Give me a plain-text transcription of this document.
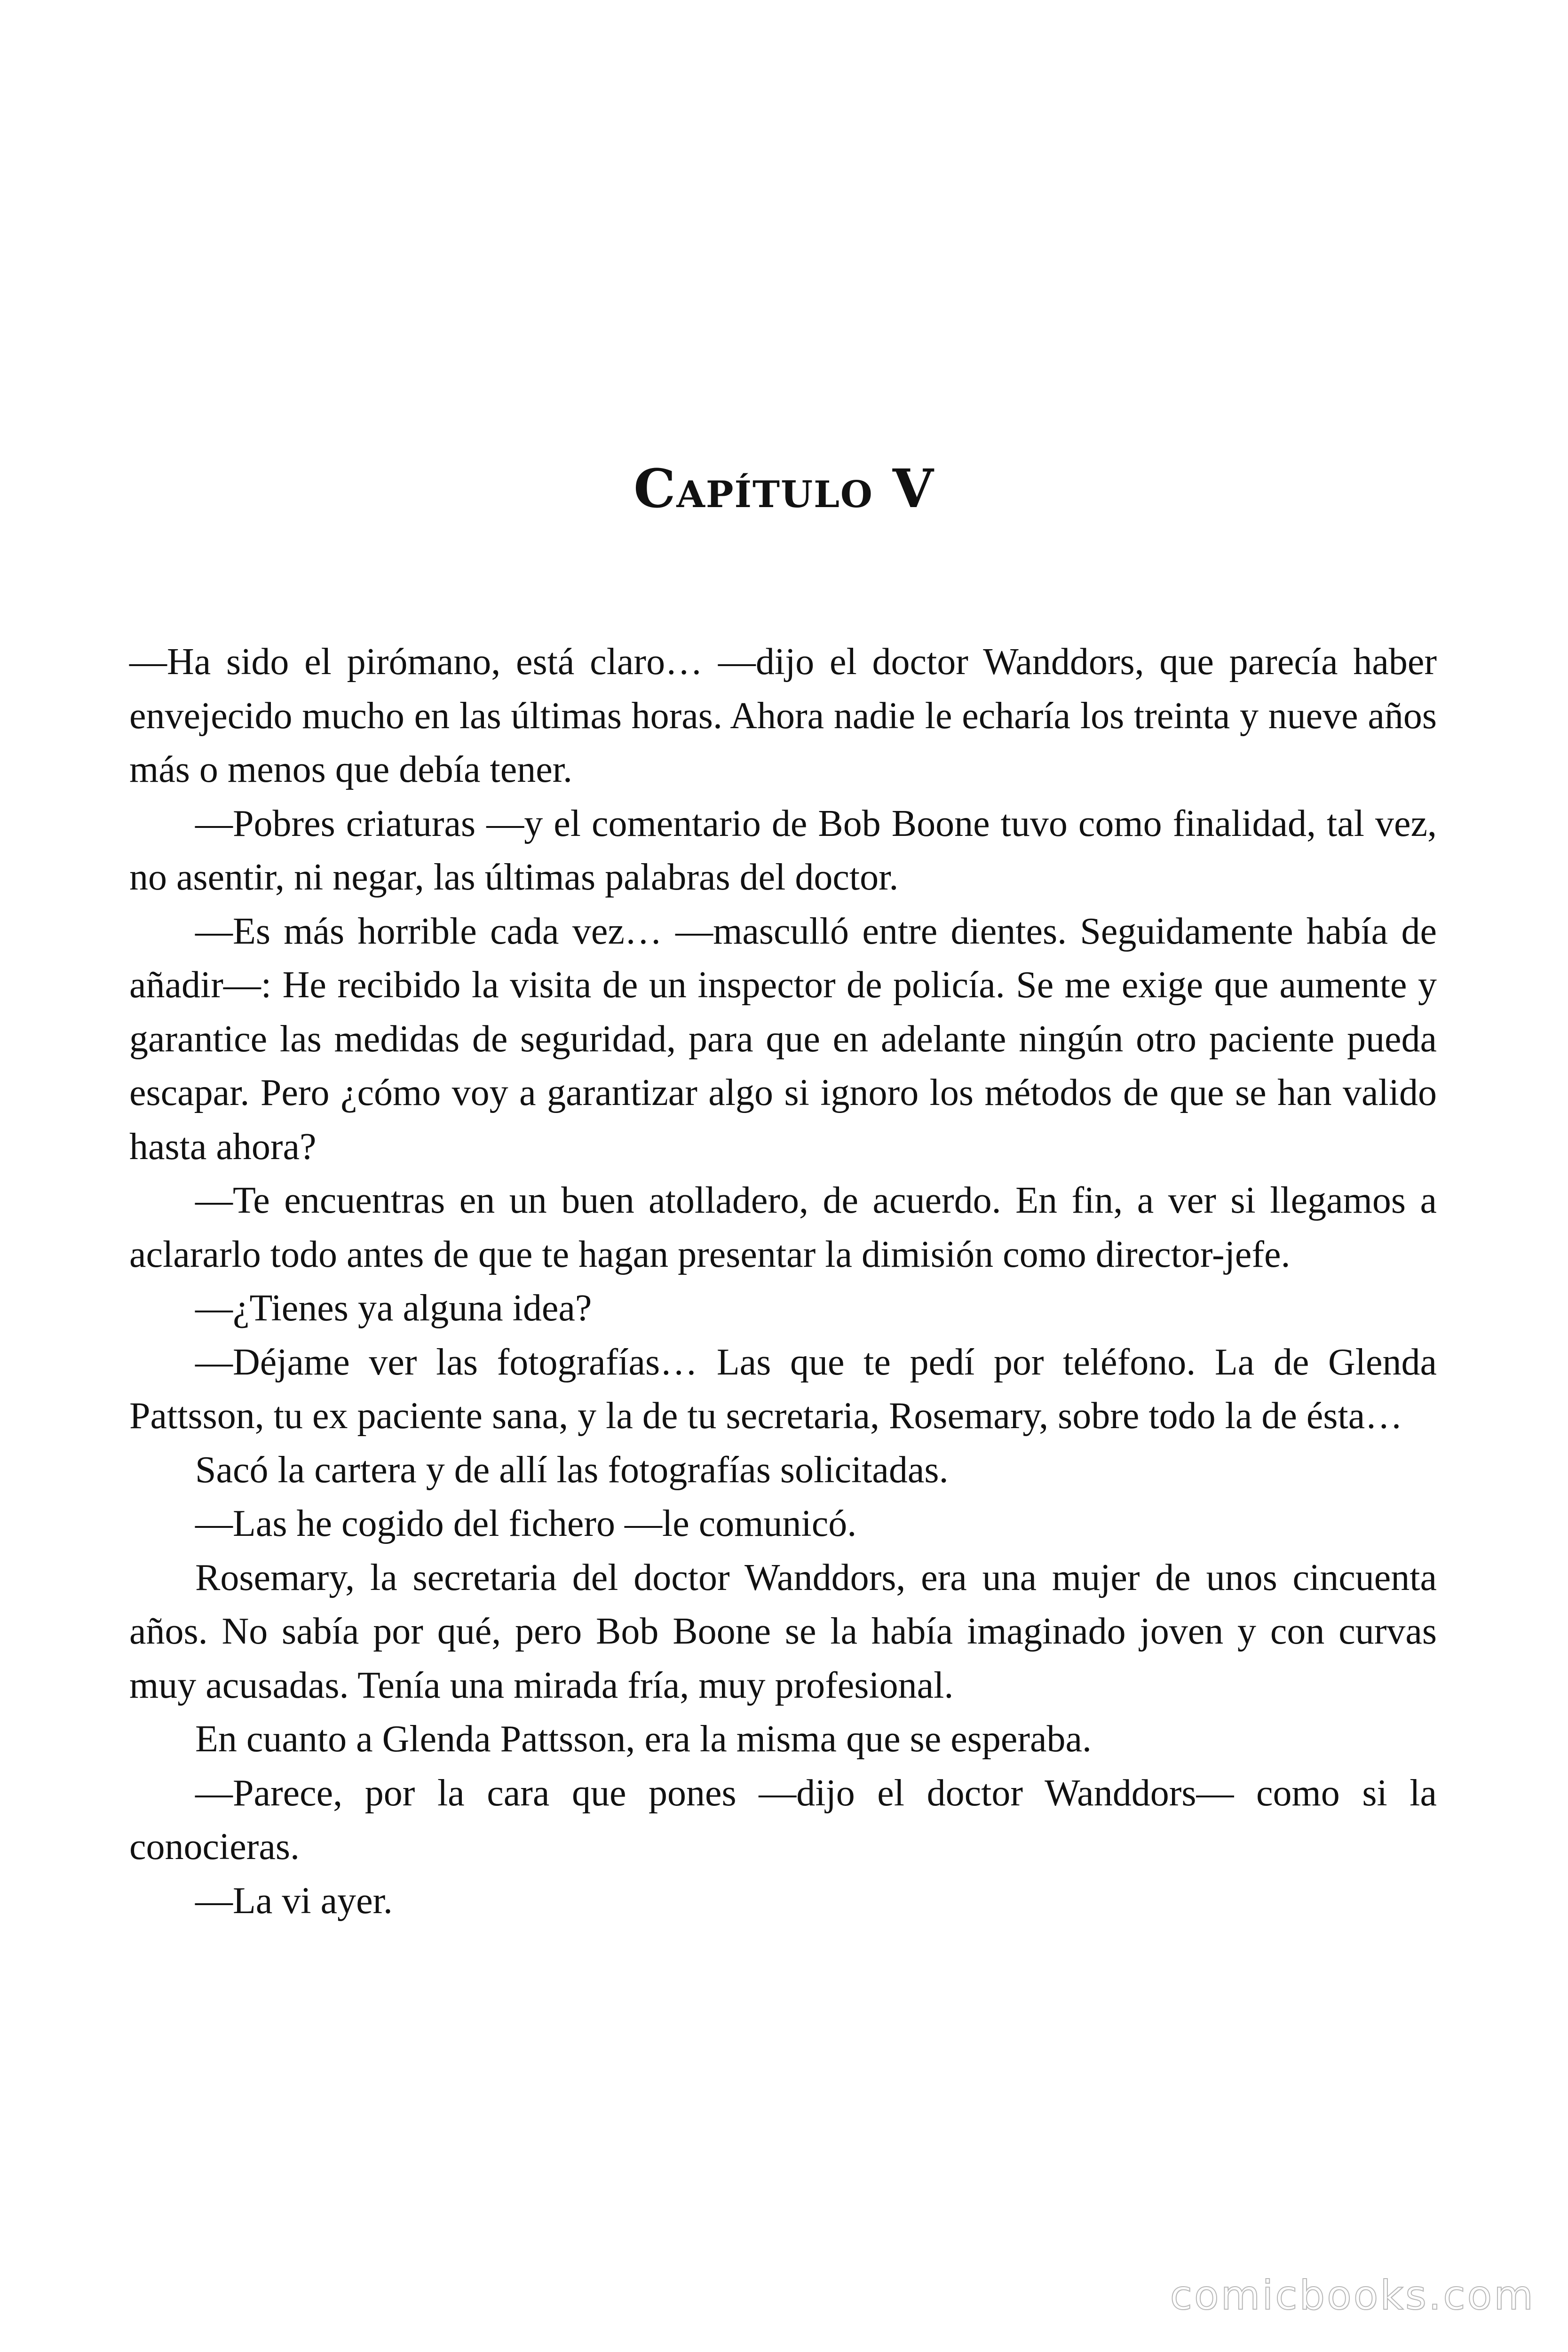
Capítulo V

—Ha sido el pirómano, está claro… —dijo el doctor Wanddors, que parecía haber envejecido mucho en las últimas horas. Ahora nadie le echaría los treinta y nueve años más o menos que debía tener.

—Pobres criaturas —y el comentario de Bob Boone tuvo como finalidad, tal vez, no asentir, ni negar, las últimas palabras del doctor.

—Es más horrible cada vez… —masculló entre dientes. Seguidamente había de añadir—: He recibido la visita de un inspector de policía. Se me exige que aumente y garantice las medidas de seguridad, para que en adelante ningún otro paciente pueda escapar. Pero ¿cómo voy a garantizar algo si ignoro los métodos de que se han valido hasta ahora?

—Te encuentras en un buen atolladero, de acuerdo. En fin, a ver si llegamos a aclararlo todo antes de que te hagan presentar la dimisión como director-jefe.

—¿Tienes ya alguna idea?

—Déjame ver las fotografías… Las que te pedí por teléfono. La de Glenda Pattsson, tu ex paciente sana, y la de tu secretaria, Rosemary, sobre todo la de ésta…

Sacó la cartera y de allí las fotografías solicitadas.

—Las he cogido del fichero —le comunicó.

Rosemary, la secretaria del doctor Wanddors, era una mujer de unos cincuenta años. No sabía por qué, pero Bob Boone se la había imaginado joven y con curvas muy acusadas. Tenía una mirada fría, muy profesional.

En cuanto a Glenda Pattsson, era la misma que se esperaba.

—Parece, por la cara que pones —dijo el doctor Wanddors— como si la conocieras.

—La vi ayer.

comicbooks.com
